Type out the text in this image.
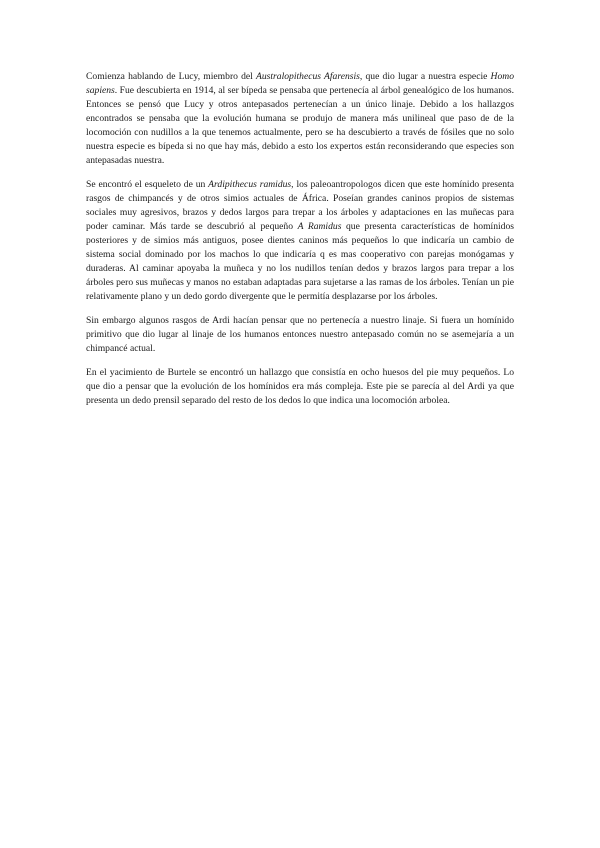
Comienza hablando de Lucy, miembro del Australopithecus Afarensis, que dio lugar a nuestra especie Homo sapiens. Fue descubierta en 1914, al ser bípeda se pensaba que pertenecía al árbol genealógico de los humanos. Entonces se pensó que Lucy y otros antepasados pertenecían a un único linaje. Debido a los hallazgos encontrados se pensaba que la evolución humana se produjo de manera más unilineal que paso de de la locomoción con nudillos a la que tenemos actualmente, pero se ha descubierto a través de fósiles que no solo nuestra especie es bípeda si no que hay más, debido a esto los expertos están reconsiderando que especies son antepasadas nuestra.

Se encontró el esqueleto de un Ardipithecus ramidus, los paleoantropologos dicen que este homínido presenta rasgos de chimpancés y de otros simios actuales de África. Poseían grandes caninos propios de sistemas sociales muy agresivos, brazos y dedos largos para trepar a los árboles y adaptaciones en las muñecas para poder caminar. Más tarde se descubrió al pequeño A Ramidus que presenta características de homínidos posteriores y de simios más antiguos, posee dientes caninos más pequeños lo que indicaría un cambio de sistema social dominado por los machos lo que indicaría q es mas cooperativo con parejas monógamas y duraderas. Al caminar apoyaba la muñeca y no los nudillos tenían dedos y brazos largos para trepar a los árboles pero sus muñecas y manos no estaban adaptadas para sujetarse a las ramas de los árboles. Tenían un pie relativamente plano y un dedo gordo divergente que le permitía desplazarse por los árboles.

Sin embargo algunos rasgos de Ardi hacían pensar que no pertenecía a nuestro linaje. Si fuera un homínido primitivo que dio lugar al linaje de los humanos entonces nuestro antepasado común no se asemejaría a un chimpancé actual.

En el yacimiento de Burtele se encontró un hallazgo que consistía en ocho huesos del pie muy pequeños. Lo que dio a pensar que la evolución de los homínidos era más compleja. Este pie se parecía al del Ardi ya que presenta un dedo prensil separado del resto de los dedos lo que indica una locomoción arbolea.
